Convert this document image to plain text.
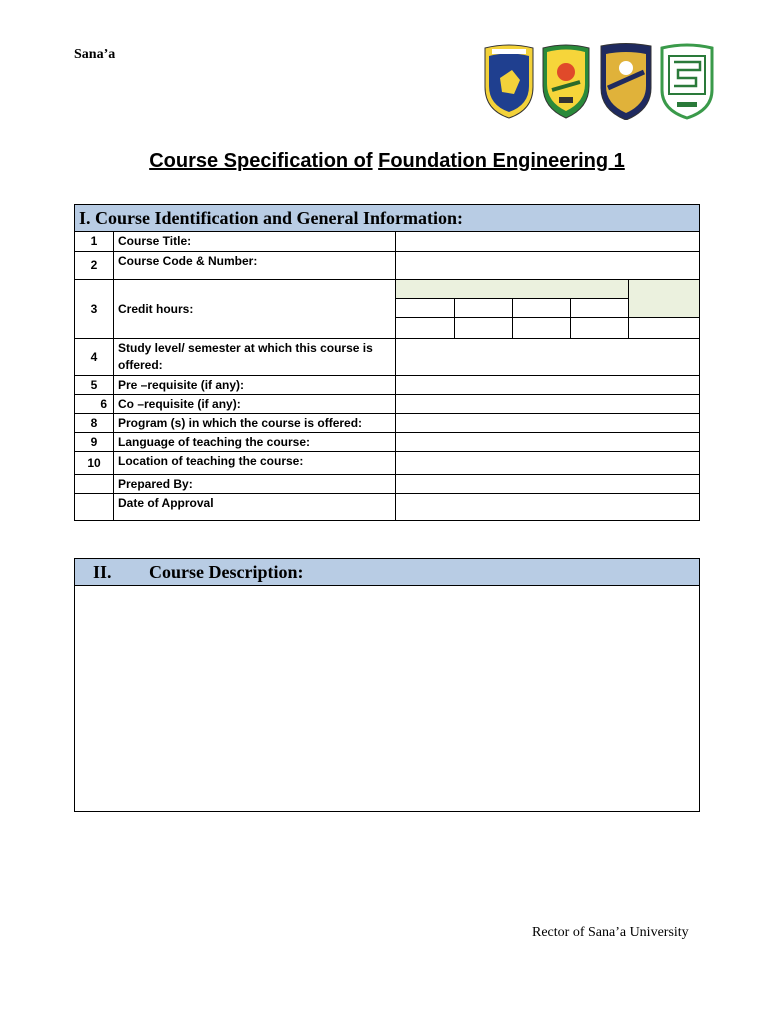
Sana’a
Course Specification of Foundation Engineering 1
I. Course Identification and General Information:
1	Course Title:	
2	Course Code & Number:	
3	Credit hours:	

4	Study level/ semester at which this course is offered:	
5	Pre –requisite (if any):	
6	Co –requisite (if any):	
8	Program (s) in which the course is offered:	
9	Language of teaching the course:	
10	Location of teaching the course:	
	Prepared By:	
	Date of Approval	
II. Course Description:
Rector of Sana’a University
